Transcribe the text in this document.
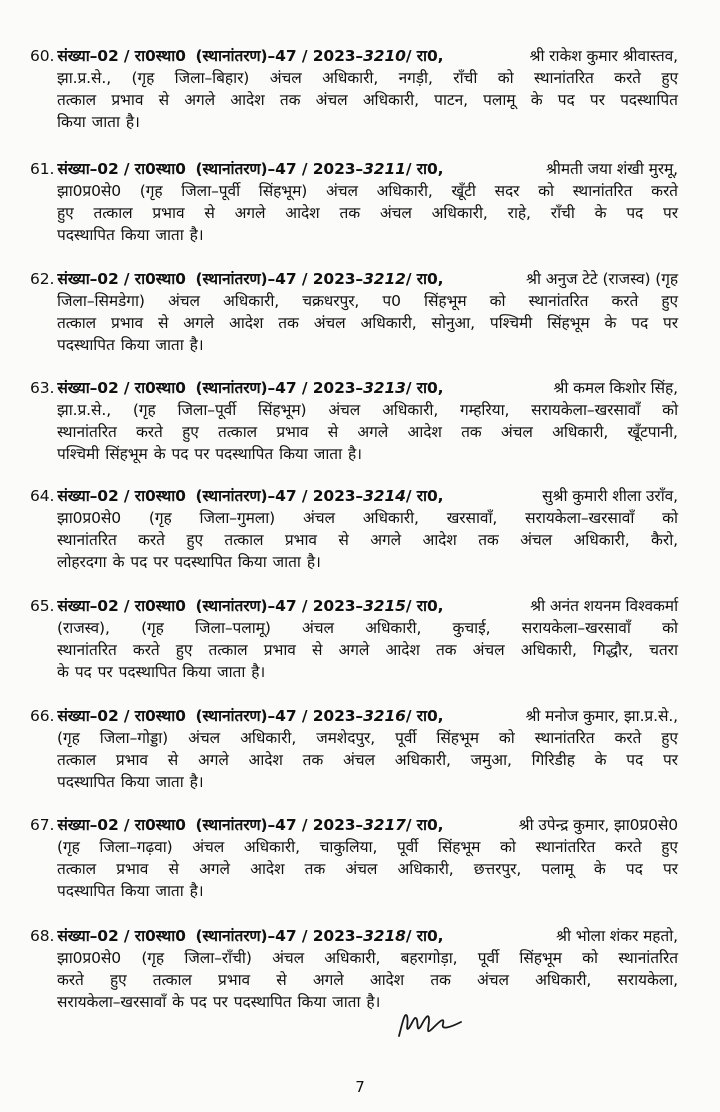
60. संख्या–02 / रा0स्था0 (स्थानांतरण)–47 / 2023–3210/ रा0,	श्री राकेश कुमार श्रीवास्तव,
झा.प्र.से., (गृह जिला–बिहार) अंचल अधिकारी, नगड़ी, राँची को स्थानांतरित करते हुए
तत्काल प्रभाव से अगले आदेश तक अंचल अधिकारी, पाटन, पलामू के पद पर पदस्थापित
किया जाता है।
61. संख्या–02 / रा0स्था0 (स्थानांतरण)–47 / 2023–3211/ रा0,	श्रीमती जया शंखी मुरमू,
झा0प्र0से0 (गृह जिला–पूर्वी सिंहभूम) अंचल अधिकारी, खूँटी सदर को स्थानांतरित करते
हुए तत्काल प्रभाव से अगले आदेश तक अंचल अधिकारी, राहे, राँची के पद पर
पदस्थापित किया जाता है।
62. संख्या–02 / रा0स्था0 (स्थानांतरण)–47 / 2023–3212/ रा0,	श्री अनुज टेटे (राजस्व) (गृह
जिला–सिमडेगा) अंचल अधिकारी, चक्रधरपुर, प0 सिंहभूम को स्थानांतरित करते हुए
तत्काल प्रभाव से अगले आदेश तक अंचल अधिकारी, सोनुआ, पश्चिमी सिंहभूम के पद पर
पदस्थापित किया जाता है।
63. संख्या–02 / रा0स्था0 (स्थानांतरण)–47 / 2023–3213/ रा0,	श्री कमल किशोर सिंह,
झा.प्र.से., (गृह जिला–पूर्वी सिंहभूम) अंचल अधिकारी, गम्हरिया, सरायकेला–खरसावाँ को
स्थानांतरित करते हुए तत्काल प्रभाव से अगले आदेश तक अंचल अधिकारी, खूँटपानी,
पश्चिमी सिंहभूम के पद पर पदस्थापित किया जाता है।
64. संख्या–02 / रा0स्था0 (स्थानांतरण)–47 / 2023–3214/ रा0,	सुश्री कुमारी शीला उराँव,
झा0प्र0से0 (गृह जिला–गुमला) अंचल अधिकारी, खरसावाँ, सरायकेला–खरसावाँ को
स्थानांतरित करते हुए तत्काल प्रभाव से अगले आदेश तक अंचल अधिकारी, कैरो,
लोहरदगा के पद पर पदस्थापित किया जाता है।
65. संख्या–02 / रा0स्था0 (स्थानांतरण)–47 / 2023–3215/ रा0,	श्री अनंत शयनम विश्वकर्मा
(राजस्व), (गृह जिला–पलामू) अंचल अधिकारी, कुचाई, सरायकेला–खरसावाँ को
स्थानांतरित करते हुए तत्काल प्रभाव से अगले आदेश तक अंचल अधिकारी, गिद्धौर, चतरा
के पद पर पदस्थापित किया जाता है।
66. संख्या–02 / रा0स्था0 (स्थानांतरण)–47 / 2023–3216/ रा0,	श्री मनोज कुमार, झा.प्र.से.,
(गृह जिला–गोड्डा) अंचल अधिकारी, जमशेदपुर, पूर्वी सिंहभूम को स्थानांतरित करते हुए
तत्काल प्रभाव से अगले आदेश तक अंचल अधिकारी, जमुआ, गिरिडीह के पद पर
पदस्थापित किया जाता है।
67. संख्या–02 / रा0स्था0 (स्थानांतरण)–47 / 2023–3217/ रा0,	श्री उपेन्द्र कुमार, झा0प्र0से0
(गृह जिला–गढ़वा) अंचल अधिकारी, चाकुलिया, पूर्वी सिंहभूम को स्थानांतरित करते हुए
तत्काल प्रभाव से अगले आदेश तक अंचल अधिकारी, छत्तरपुर, पलामू के पद पर
पदस्थापित किया जाता है।
68. संख्या–02 / रा0स्था0 (स्थानांतरण)–47 / 2023–3218/ रा0,	श्री भोला शंकर महतो,
झा0प्र0से0 (गृह जिला–राँची) अंचल अधिकारी, बहरागोड़ा, पूर्वी सिंहभूम को स्थानांतरित
करते हुए तत्काल प्रभाव से अगले आदेश तक अंचल अधिकारी, सरायकेला,
सरायकेला–खरसावाँ के पद पर पदस्थापित किया जाता है।
7
